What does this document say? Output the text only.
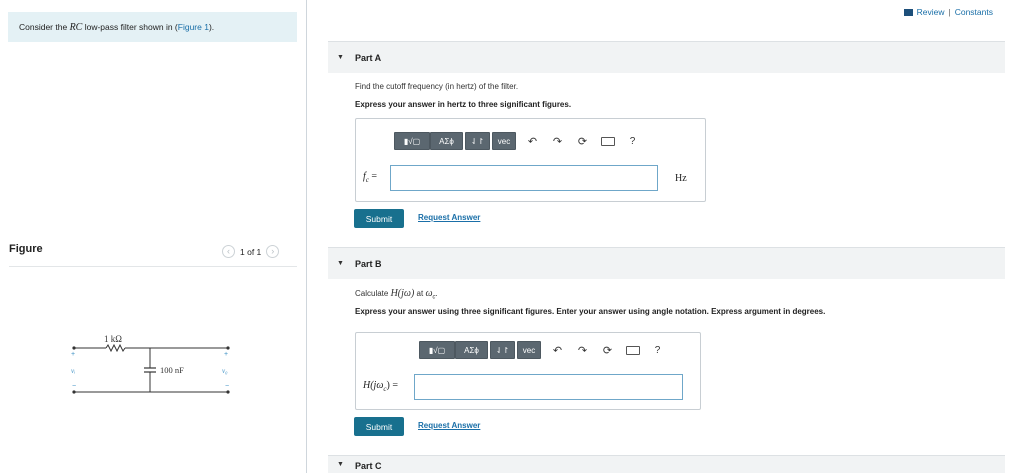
Consider the RC low-pass filter shown in (Figure 1).
Figure	‹	1 of 1	›
1 kΩ
100 nF
+
vᵢ
−
+
v₀
−
Review | Constants
▼ Part A
Find the cutoff frequency (in hertz) of the filter.
Express your answer in hertz to three significant figures.
▮√▢	ΑΣϕ	⇃↾	vec	↶	↷	⟳	?
$f_c$ =	Hz
Submit	Request Answer
▼ Part B
Calculate H(jω) at $\omega_c$.
Express your answer using three significant figures. Enter your answer using angle notation. Express argument in degrees.
▮√▢	ΑΣϕ	⇃↾	vec	↶	↷	⟳	?
$H(j\omega_c)$ =
Submit	Request Answer
▼ Part C
